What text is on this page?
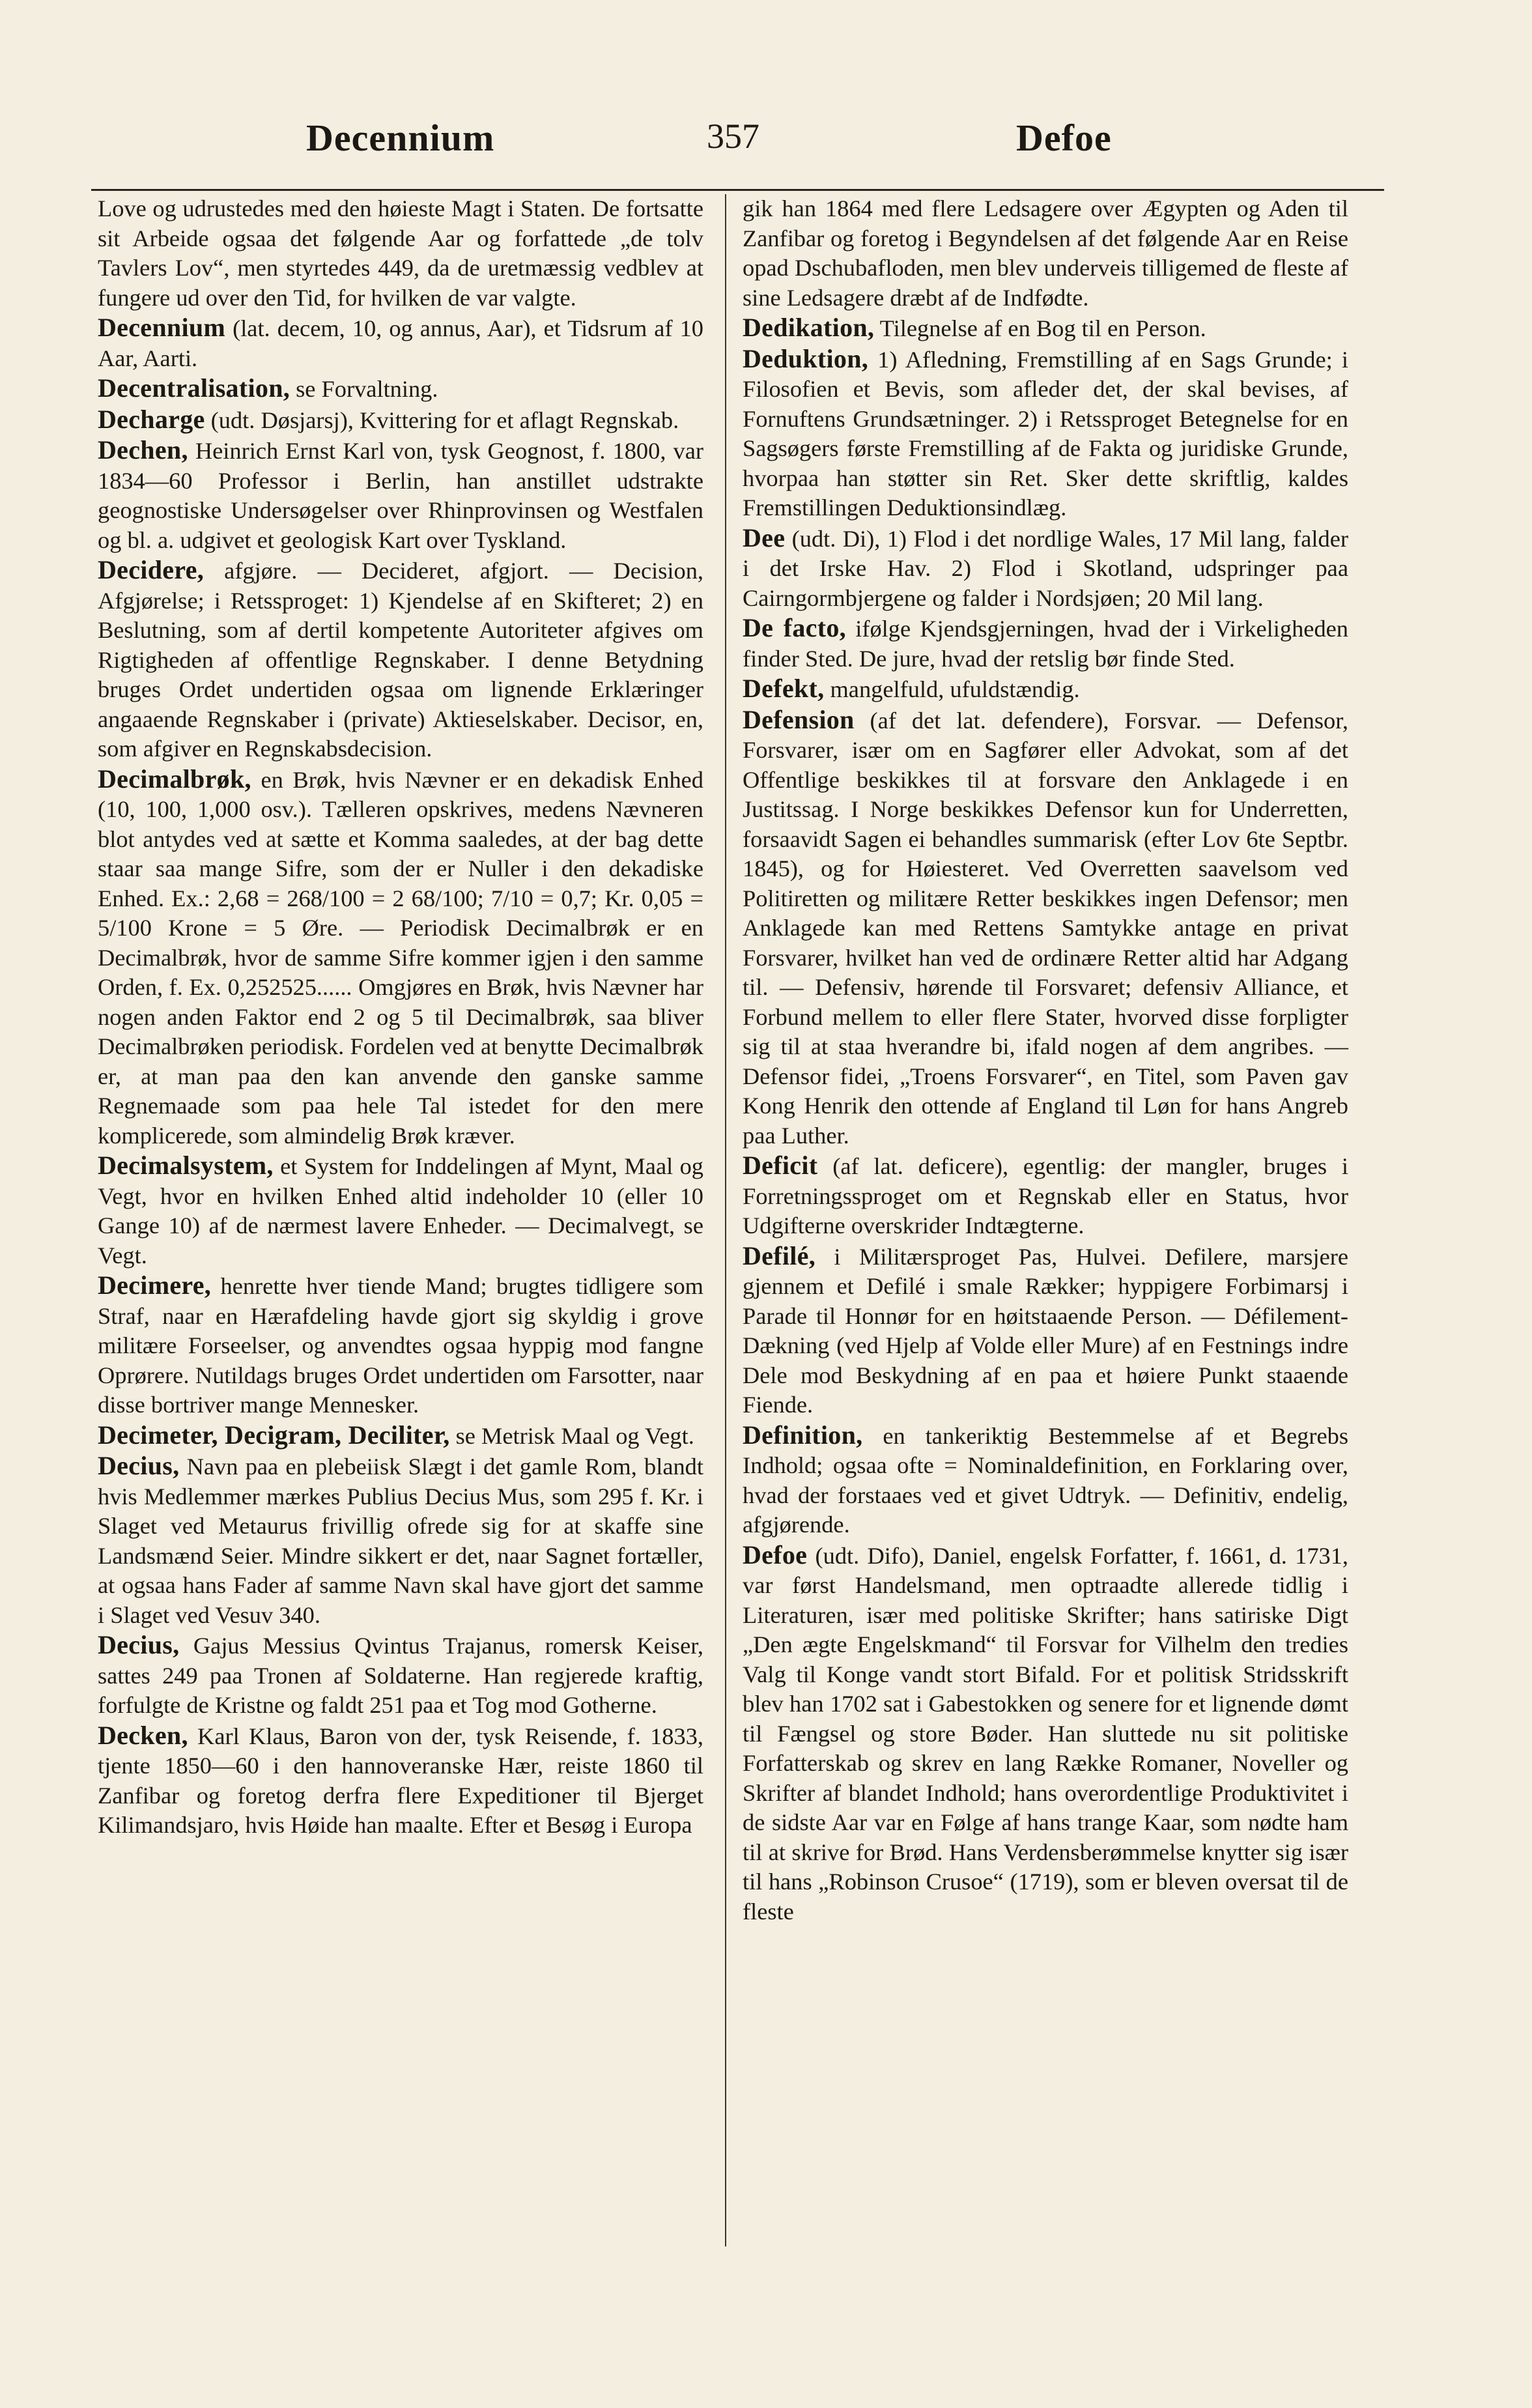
Decennium	357	Defoe

Love og udrustedes med den høieste Magt i Staten. De fortsatte sit Arbeide ogsaa det følgende Aar og forfattede „de tolv Tavlers Lov“, men styrtedes 449, da de uretmæssig vedblev at fungere ud over den Tid, for hvilken de var valgte.

Decennium (lat. decem, 10, og annus, Aar), et Tidsrum af 10 Aar, Aarti.

Decentralisation, se Forvaltning.

Decharge (udt. Døsjarsj), Kvittering for et aflagt Regnskab.

Dechen, Heinrich Ernst Karl von, tysk Geognost, f. 1800, var 1834—60 Professor i Berlin, han anstillet udstrakte geognostiske Undersøgelser over Rhinprovinsen og Westfalen og bl. a. udgivet et geologisk Kart over Tyskland.

Decidere, afgjøre. — Decideret, afgjort. — Decision, Afgjørelse; i Retssproget: 1) Kjendelse af en Skifteret; 2) en Beslutning, som af dertil kompetente Autoriteter afgives om Rigtigheden af offentlige Regnskaber. I denne Betydning bruges Ordet undertiden ogsaa om lignende Erklæringer angaaende Regnskaber i (private) Aktieselskaber. Decisor, en, som afgiver en Regnskabsdecision.

Decimalbrøk, en Brøk, hvis Nævner er en dekadisk Enhed (10, 100, 1,000 osv.). Tælleren opskrives, medens Nævneren blot antydes ved at sætte et Komma saaledes, at der bag dette staar saa mange Sifre, som der er Nuller i den dekadiske Enhed. Ex.: 2,68 = 268/100 = 2 68/100; 7/10 = 0,7; Kr. 0,05 = 5/100 Krone = 5 Øre. — Periodisk Decimalbrøk er en Decimalbrøk, hvor de samme Sifre kommer igjen i den samme Orden, f. Ex. 0,252525...... Omgjøres en Brøk, hvis Nævner har nogen anden Faktor end 2 og 5 til Decimalbrøk, saa bliver Decimalbrøken periodisk. Fordelen ved at benytte Decimalbrøk er, at man paa den kan anvende den ganske samme Regnemaade som paa hele Tal istedet for den mere komplicerede, som almindelig Brøk kræver.

Decimalsystem, et System for Inddelingen af Mynt, Maal og Vegt, hvor en hvilken Enhed altid indeholder 10 (eller 10 Gange 10) af de nærmest lavere Enheder. — Decimalvegt, se Vegt.

Decimere, henrette hver tiende Mand; brugtes tidligere som Straf, naar en Hærafdeling havde gjort sig skyldig i grove militære Forseelser, og anvendtes ogsaa hyppig mod fangne Oprørere. Nutildags bruges Ordet undertiden om Farsotter, naar disse bortriver mange Mennesker.

Decimeter, Decigram, Deciliter, se Metrisk Maal og Vegt.

Decius, Navn paa en plebeiisk Slægt i det gamle Rom, blandt hvis Medlemmer mærkes Publius Decius Mus, som 295 f. Kr. i Slaget ved Metaurus frivillig ofrede sig for at skaffe sine Landsmænd Seier. Mindre sikkert er det, naar Sagnet fortæller, at ogsaa hans Fader af samme Navn skal have gjort det samme i Slaget ved Vesuv 340.

Decius, Gajus Messius Qvintus Trajanus, romersk Keiser, sattes 249 paa Tronen af Soldaterne. Han regjerede kraftig, forfulgte de Kristne og faldt 251 paa et Tog mod Gotherne.

Decken, Karl Klaus, Baron von der, tysk Reisende, f. 1833, tjente 1850—60 i den hannoveranske Hær, reiste 1860 til Zanfibar og foretog derfra flere Expeditioner til Bjerget Kilimandsjaro, hvis Høide han maalte. Efter et Besøg i Europa

gik han 1864 med flere Ledsagere over Ægypten og Aden til Zanfibar og foretog i Begyndelsen af det følgende Aar en Reise opad Dschubafloden, men blev underveis tilligemed de fleste af sine Ledsagere dræbt af de Indfødte.

Dedikation, Tilegnelse af en Bog til en Person.

Deduktion, 1) Afledning, Fremstilling af en Sags Grunde; i Filosofien et Bevis, som afleder det, der skal bevises, af Fornuftens Grundsætninger. 2) i Retssproget Betegnelse for en Sagsøgers første Fremstilling af de Fakta og juridiske Grunde, hvorpaa han støtter sin Ret. Sker dette skriftlig, kaldes Fremstillingen Deduktionsindlæg.

Dee (udt. Di), 1) Flod i det nordlige Wales, 17 Mil lang, falder i det Irske Hav. 2) Flod i Skotland, udspringer paa Cairngormbjergene og falder i Nordsjøen; 20 Mil lang.

De facto, ifølge Kjendsgjerningen, hvad der i Virkeligheden finder Sted. De jure, hvad der retslig bør finde Sted.

Defekt, mangelfuld, ufuldstændig.

Defension (af det lat. defendere), Forsvar. — Defensor, Forsvarer, især om en Sagfører eller Advokat, som af det Offentlige beskikkes til at forsvare den Anklagede i en Justitssag. I Norge beskikkes Defensor kun for Underretten, forsaavidt Sagen ei behandles summarisk (efter Lov 6te Septbr. 1845), og for Høiesteret. Ved Overretten saavelsom ved Politiretten og militære Retter beskikkes ingen Defensor; men Anklagede kan med Rettens Samtykke antage en privat Forsvarer, hvilket han ved de ordinære Retter altid har Adgang til. — Defensiv, hørende til Forsvaret; defensiv Alliance, et Forbund mellem to eller flere Stater, hvorved disse forpligter sig til at staa hverandre bi, ifald nogen af dem angribes. — Defensor fidei, „Troens Forsvarer“, en Titel, som Paven gav Kong Henrik den ottende af England til Løn for hans Angreb paa Luther.

Deficit (af lat. deficere), egentlig: der mangler, bruges i Forretningssproget om et Regnskab eller en Status, hvor Udgifterne overskrider Indtægterne.

Defilé, i Militærsproget Pas, Hulvei. Defilere, marsjere gjennem et Defilé i smale Rækker; hyppigere Forbimarsj i Parade til Honnør for en høitstaaende Person. — Défilement-Dækning (ved Hjelp af Volde eller Mure) af en Festnings indre Dele mod Beskydning af en paa et høiere Punkt staaende Fiende.

Definition, en tankeriktig Bestemmelse af et Begrebs Indhold; ogsaa ofte = Nominaldefinition, en Forklaring over, hvad der forstaaes ved et givet Udtryk. — Definitiv, endelig, afgjørende.

Defoe (udt. Difo), Daniel, engelsk Forfatter, f. 1661, d. 1731, var først Handelsmand, men optraadte allerede tidlig i Literaturen, især med politiske Skrifter; hans satiriske Digt „Den ægte Engelskmand“ til Forsvar for Vilhelm den tredies Valg til Konge vandt stort Bifald. For et politisk Stridsskrift blev han 1702 sat i Gabestokken og senere for et lignende dømt til Fængsel og store Bøder. Han sluttede nu sit politiske Forfatterskab og skrev en lang Række Romaner, Noveller og Skrifter af blandet Indhold; hans overordentlige Produktivitet i de sidste Aar var en Følge af hans trange Kaar, som nødte ham til at skrive for Brød. Hans Verdensberømmelse knytter sig især til hans „Robinson Crusoe“ (1719), som er bleven oversat til de fleste
